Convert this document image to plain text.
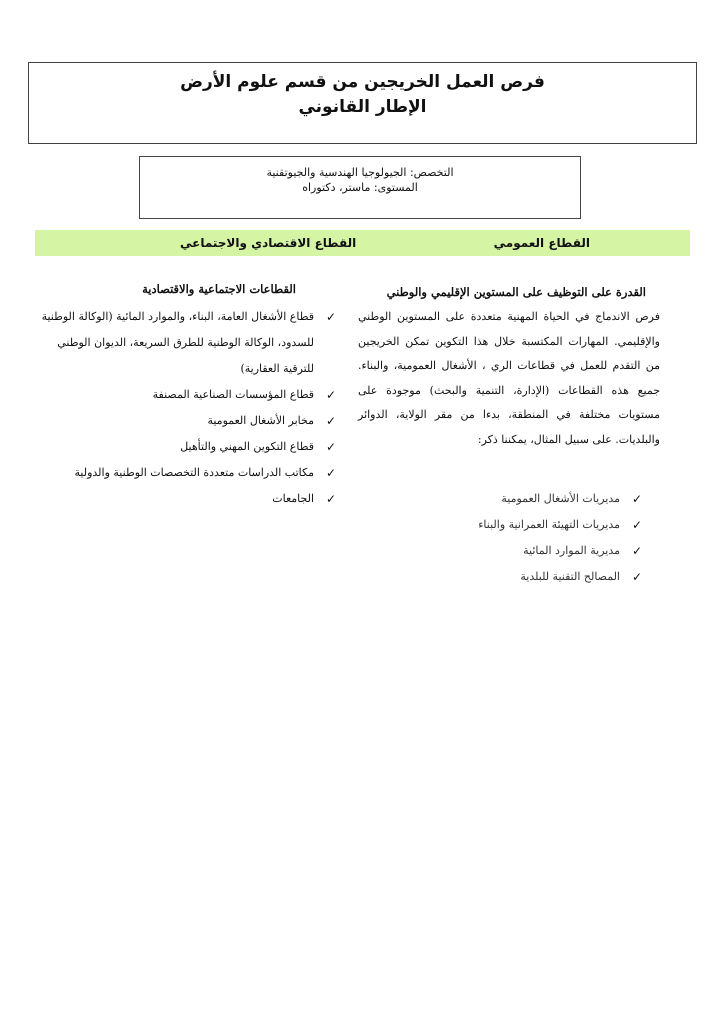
فرص العمل الخريجين من قسم علوم الأرض
الإطار القانوني
التخصص: الجيولوجيا الهندسية والجيوتقنية
المستوى: ماستر، دكتوراه
القطاع العمومي
القطاع الاقتصادي والاجتماعي
القدرة على التوظيف على المستوين الإقليمي والوطني
فرص الاندماج في الحياة المهنية متعددة على المستوين الوطني والإقليمي. المهارات المكتسبة خلال هذا التكوين تمكن الخريجين من التقدم للعمل في قطاعات الري ، الأشغال العمومية، والبناء. جميع هذه القطاعات (الإدارة، التنمية والبحث) موجودة على مستويات مختلفة في المنطقة، بدءا من مقر الولاية، الدوائر والبلديات. على سبيل المثال، يمكننا ذكر:
✓
مديريات الأشغال العمومية
✓
مديريات التهيئة العمرانية والبناء
✓
مديرية الموارد المائية
✓
المصالح التقنية للبلدية
القطاعات الاجتماعية والاقتصادية
✓
قطاع الأشغال العامة، البناء، والموارد المائية (الوكالة الوطنية للسدود، الوكالة الوطنية للطرق السريعة، الديوان الوطني للترقية العقارية)
✓
قطاع المؤسسات الصناعية المصنفة
✓
مخابر الأشغال العمومية
✓
قطاع التكوين المهني والتأهيل
✓
مكاتب الدراسات متعددة التخصصات الوطنية والدولية
✓
الجامعات
